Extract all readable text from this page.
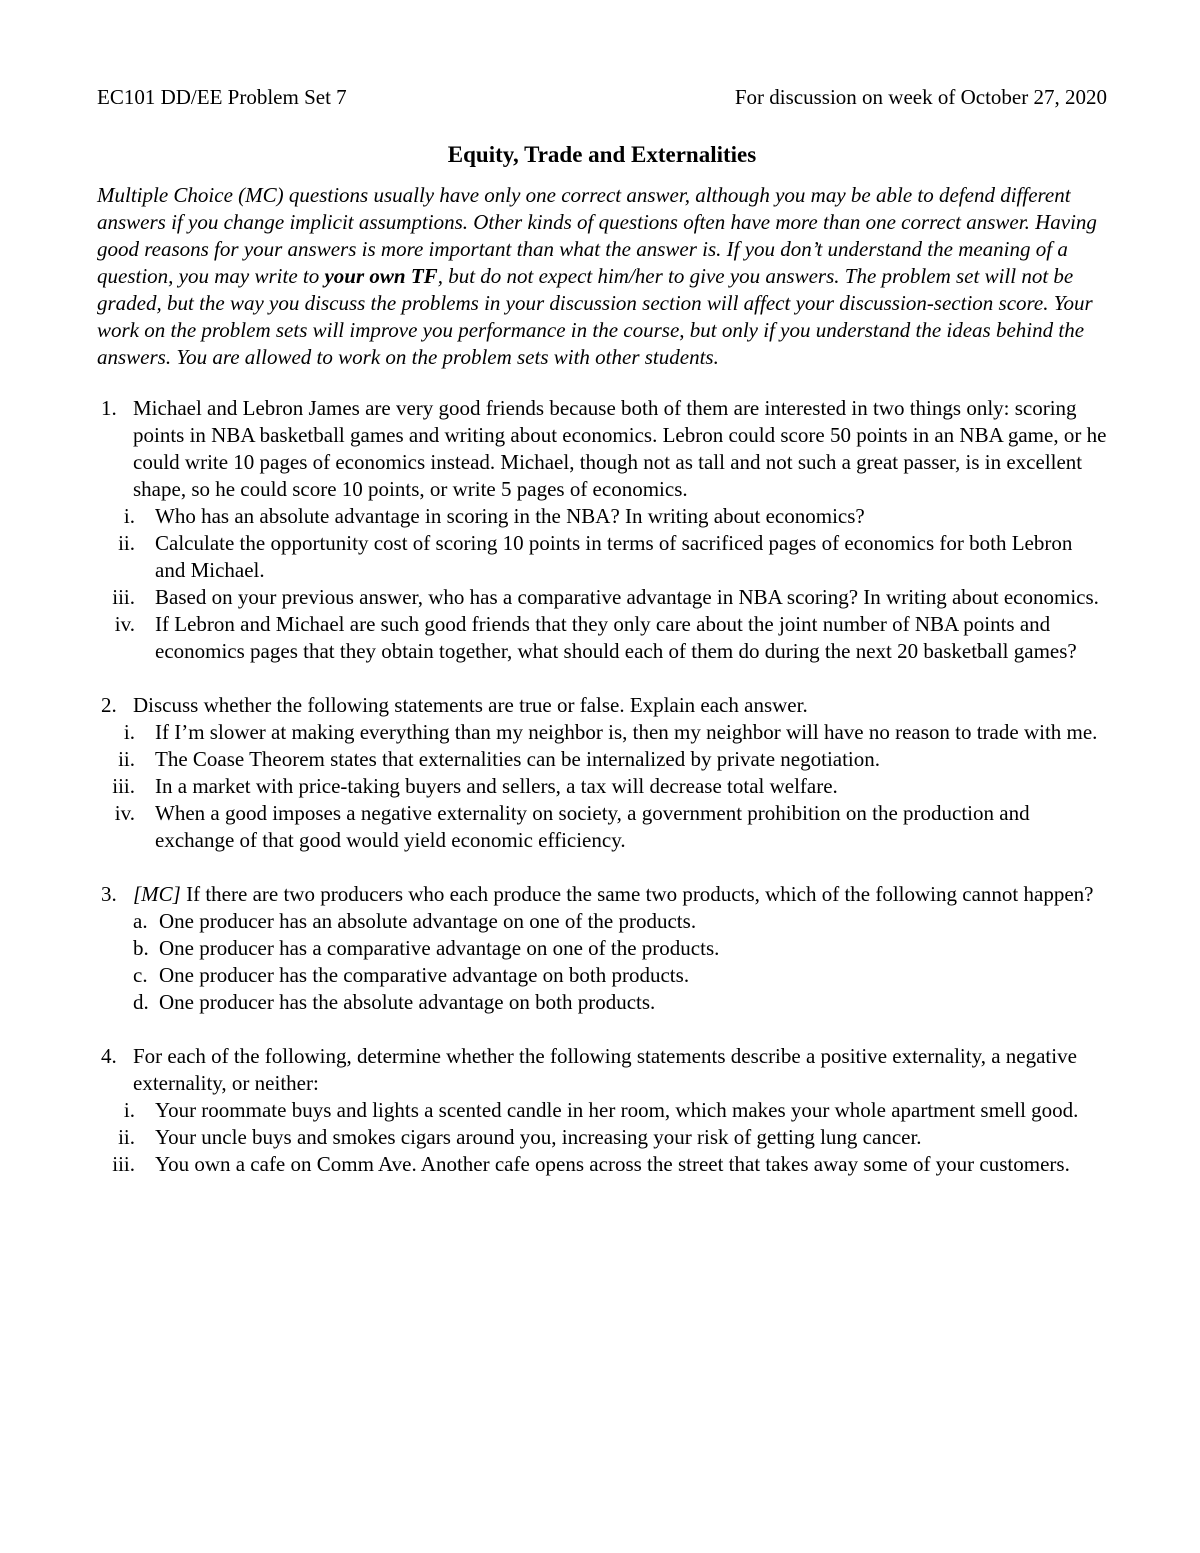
EC101 DD/EE Problem Set 7	For discussion on week of October 27, 2020
Equity, Trade and Externalities

Multiple Choice (MC) questions usually have only one correct answer, although you may be able to defend different answers if you change implicit assumptions. Other kinds of questions often have more than one correct answer. Having good reasons for your answers is more important than what the answer is. If you don’t understand the meaning of a question, you may write to your own TF, but do not expect him/her to give you answers. The problem set will not be graded, but the way you discuss the problems in your discussion section will affect your discussion-section score. Your work on the problem sets will improve you performance in the course, but only if you understand the ideas behind the answers. You are allowed to work on the problem sets with other students.

1. Michael and Lebron James are very good friends because both of them are interested in two things only: scoring points in NBA basketball games and writing about economics. Lebron could score 50 points in an NBA game, or he could write 10 pages of economics instead. Michael, though not as tall and not such a great passer, is in excellent shape, so he could score 10 points, or write 5 pages of economics.
i. Who has an absolute advantage in scoring in the NBA? In writing about economics?
ii. Calculate the opportunity cost of scoring 10 points in terms of sacrificed pages of economics for both Lebron and Michael.
iii. Based on your previous answer, who has a comparative advantage in NBA scoring? In writing about economics.
iv. If Lebron and Michael are such good friends that they only care about the joint number of NBA points and economics pages that they obtain together, what should each of them do during the next 20 basketball games?
2. Discuss whether the following statements are true or false. Explain each answer.
i. If I’m slower at making everything than my neighbor is, then my neighbor will have no reason to trade with me.
ii. The Coase Theorem states that externalities can be internalized by private negotiation.
iii. In a market with price-taking buyers and sellers, a tax will decrease total welfare.
iv. When a good imposes a negative externality on society, a government prohibition on the production and exchange of that good would yield economic efficiency.
3. [MC] If there are two producers who each produce the same two products, which of the following cannot happen?
a. One producer has an absolute advantage on one of the products.
b. One producer has a comparative advantage on one of the products.
c. One producer has the comparative advantage on both products.
d. One producer has the absolute advantage on both products.
4. For each of the following, determine whether the following statements describe a positive externality, a negative externality, or neither:
i. Your roommate buys and lights a scented candle in her room, which makes your whole apartment smell good.
ii. Your uncle buys and smokes cigars around you, increasing your risk of getting lung cancer.
iii. You own a cafe on Comm Ave. Another cafe opens across the street that takes away some of your customers.
